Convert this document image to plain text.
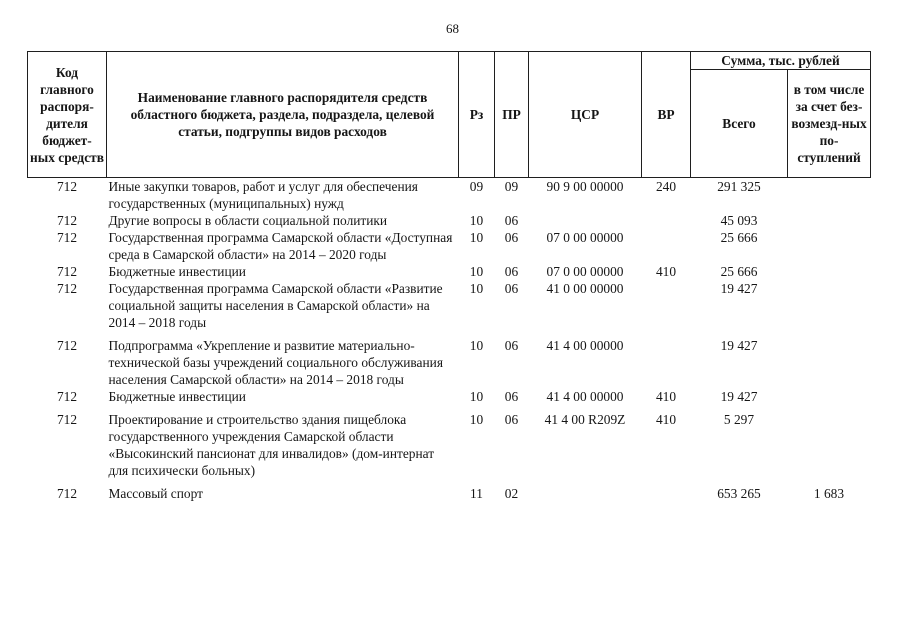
68
Код главного распоря-дителя бюджет-ных средств	Наименование главного распорядителя средств областного бюджета, раздела, подраздела, целевой статьи, подгруппы видов расходов	Рз	ПР	ЦСР	ВР	Сумма, тыс. рублей	
						Всего	в том числе за счет без-возмезд-ных по-ступлений
712	Иные закупки товаров, работ и услуг для обеспечения государственных (муниципальных) нужд	09	09	90 9 00 00000	240	291 325	
712	Другие вопросы в области социальной политики	10	06			45 093	
712	Государственная программа Самарской области «Доступная среда в Самарской области» на 2014 – 2020 годы	10	06	07 0 00 00000		25 666	
712	Бюджетные инвестиции	10	06	07 0 00 00000	410	25 666	
712	Государственная программа Самарской области «Развитие социальной защиты населения в Самарской области» на 2014 – 2018 годы	10	06	41 0 00 00000		19 427	

712	Подпрограмма «Укрепление и развитие материально-технической базы учреждений социального обслуживания населения Самарской области» на 2014 – 2018 годы	10	06	41 4 00 00000		19 427	
712	Бюджетные инвестиции	10	06	41 4 00 00000	410	19 427	

712	Проектирование и строительство здания пищеблока государственного учреждения Самарской области «Высокинский пансионат для инвалидов» (дом-интернат для психически больных)	10	06	41 4 00 R209Z	410	5 297	

712	Массовый спорт	11	02			653 265	1 683
